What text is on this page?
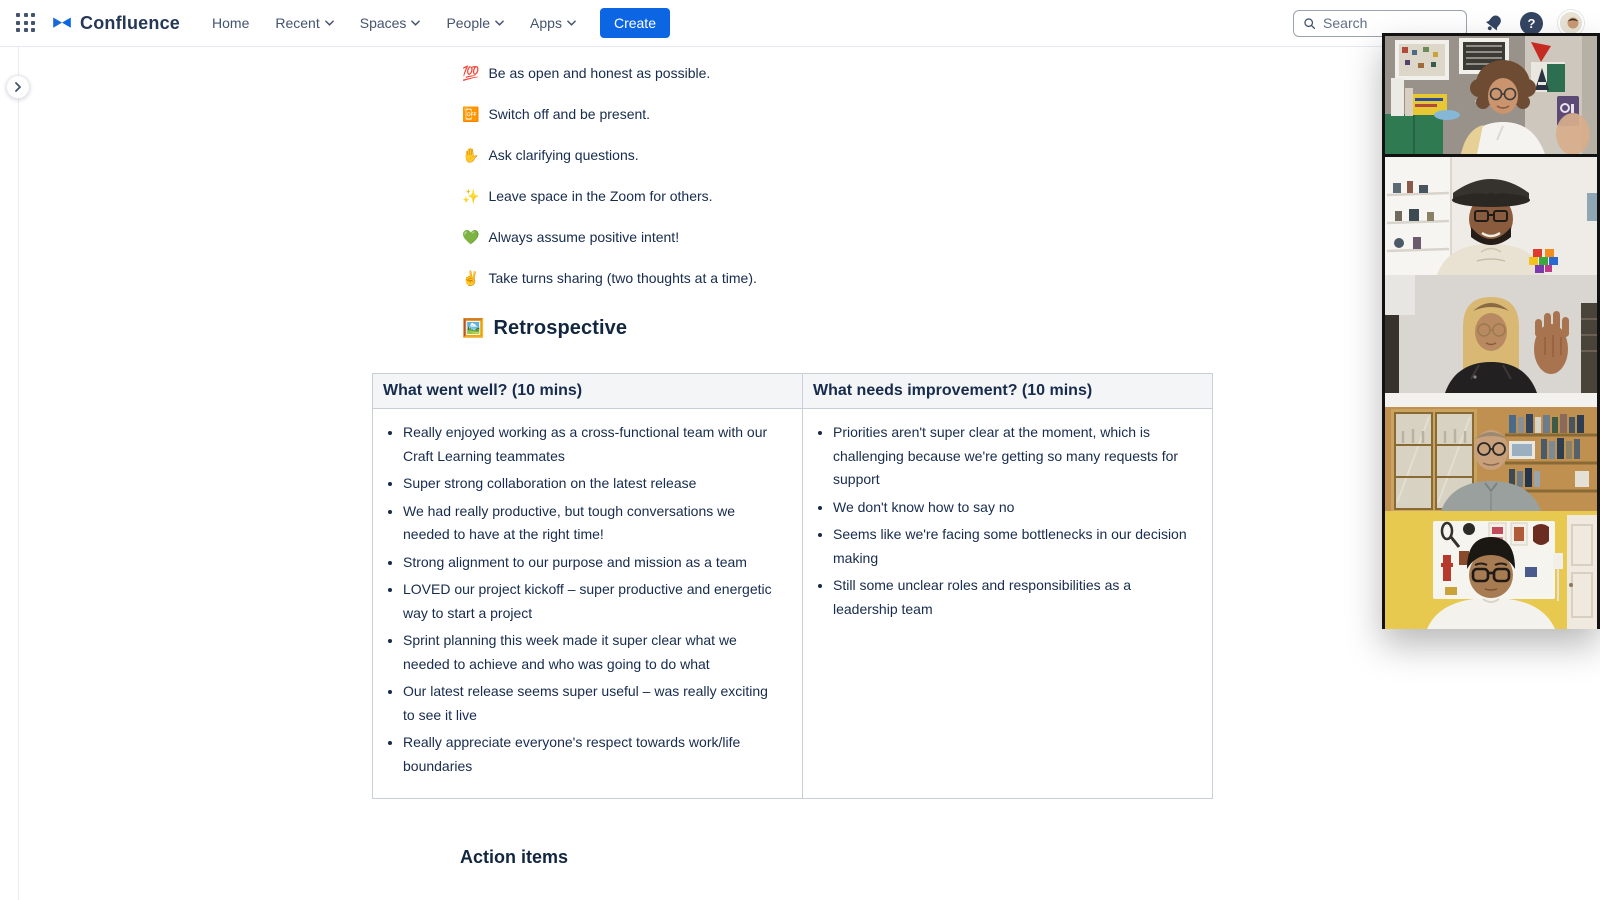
Confluence Home Recent	Spaces	People	Apps	Create
Search	?

💯 Be as open and honest as possible.

📴 Switch off and be present.

✋ Ask clarifying questions.

✨ Leave space in the Zoom for others.

💚 Always assume positive intent!

✌️ Take turns sharing (two thoughts at a time).

🖼️ Retrospective
What went well? (10 mins)	What needs improvement? (10 mins)

• Really enjoyed working as a cross-functional team with our Craft Learning teammates
• Super strong collaboration on the latest release
• We had really productive, but tough conversations we needed to have at the right time!
• Strong alignment to our purpose and mission as a team
• LOVED our project kickoff – super productive and energetic way to start a project
• Sprint planning this week made it super clear what we needed to achieve and who was going to do what
• Our latest release seems super useful – was really exciting to see it live
• Really appreciate everyone's respect towards work/life boundaries

• Priorities aren't super clear at the moment, which is challenging because we're getting so many requests for support
• We don't know how to say no
• Seems like we're facing some bottlenecks in our decision making
• Still some unclear roles and responsibilities as a leadership team
Action items
